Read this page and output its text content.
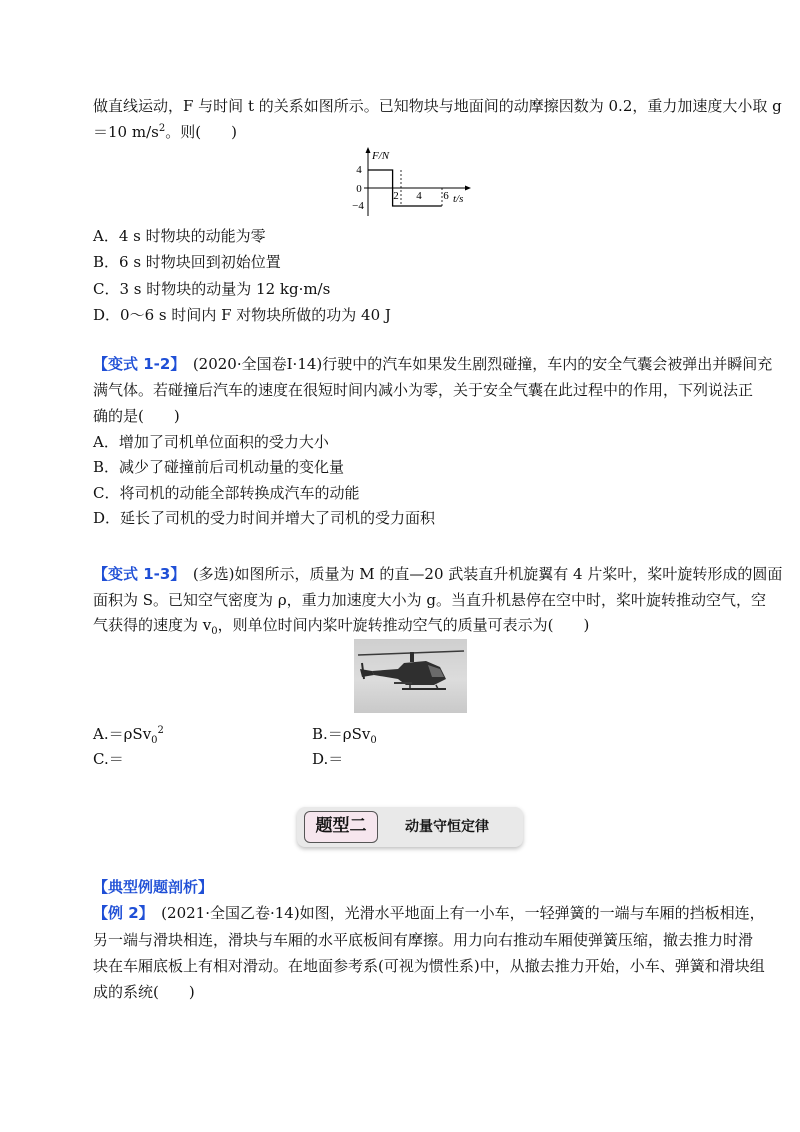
做直线运动，F 与时间 t 的关系如图所示。已知物块与地面间的动摩擦因数为 0.2，重力加速度大小取 g
＝10 $m/s^2$。则(　　)
F/N
t/s
4
0
−4
2 4 6
A．4 s 时物块的动能为零
B．6 s 时物块回到初始位置
C．3 s 时物块的动量为 12 kg·m/s
D．0～6 s 时间内 F 对物块所做的功为 40 J
【变式 1-2】　(2020·全国卷Ⅰ·14)行驶中的汽车如果发生剧烈碰撞，车内的安全气囊会被弹出并瞬间充
满气体。若碰撞后汽车的速度在很短时间内减小为零，关于安全气囊在此过程中的作用，下列说法正
确的是(　　)
A．增加了司机单位面积的受力大小
B．减少了碰撞前后司机动量的变化量
C．将司机的动能全部转换成汽车的动能
D．延长了司机的受力时间并增大了司机的受力面积
【变式 1-3】　(多选)如图所示，质量为 M 的直—20 武装直升机旋翼有 4 片桨叶，桨叶旋转形成的圆面
面积为 S。已知空气密度为 ρ，重力加速度大小为 g。当直升机悬停在空中时，桨叶旋转推动空气，空
气获得的速度为 $v_0$，则单位时间内桨叶旋转推动空气的质量可表示为(　　)
A.＝ρSv$_0^2$	B.＝ρSv$_0$
C.＝	D.＝
题型二	动量守恒定律
【典型例题剖析】
【例 2】　(2021·全国乙卷·14)如图，光滑水平地面上有一小车，一轻弹簧的一端与车厢的挡板相连，
另一端与滑块相连，滑块与车厢的水平底板间有摩擦。用力向右推动车厢使弹簧压缩，撤去推力时滑
块在车厢底板上有相对滑动。在地面参考系(可视为惯性系)中，从撤去推力开始，小车、弹簧和滑块组
成的系统(　　)
